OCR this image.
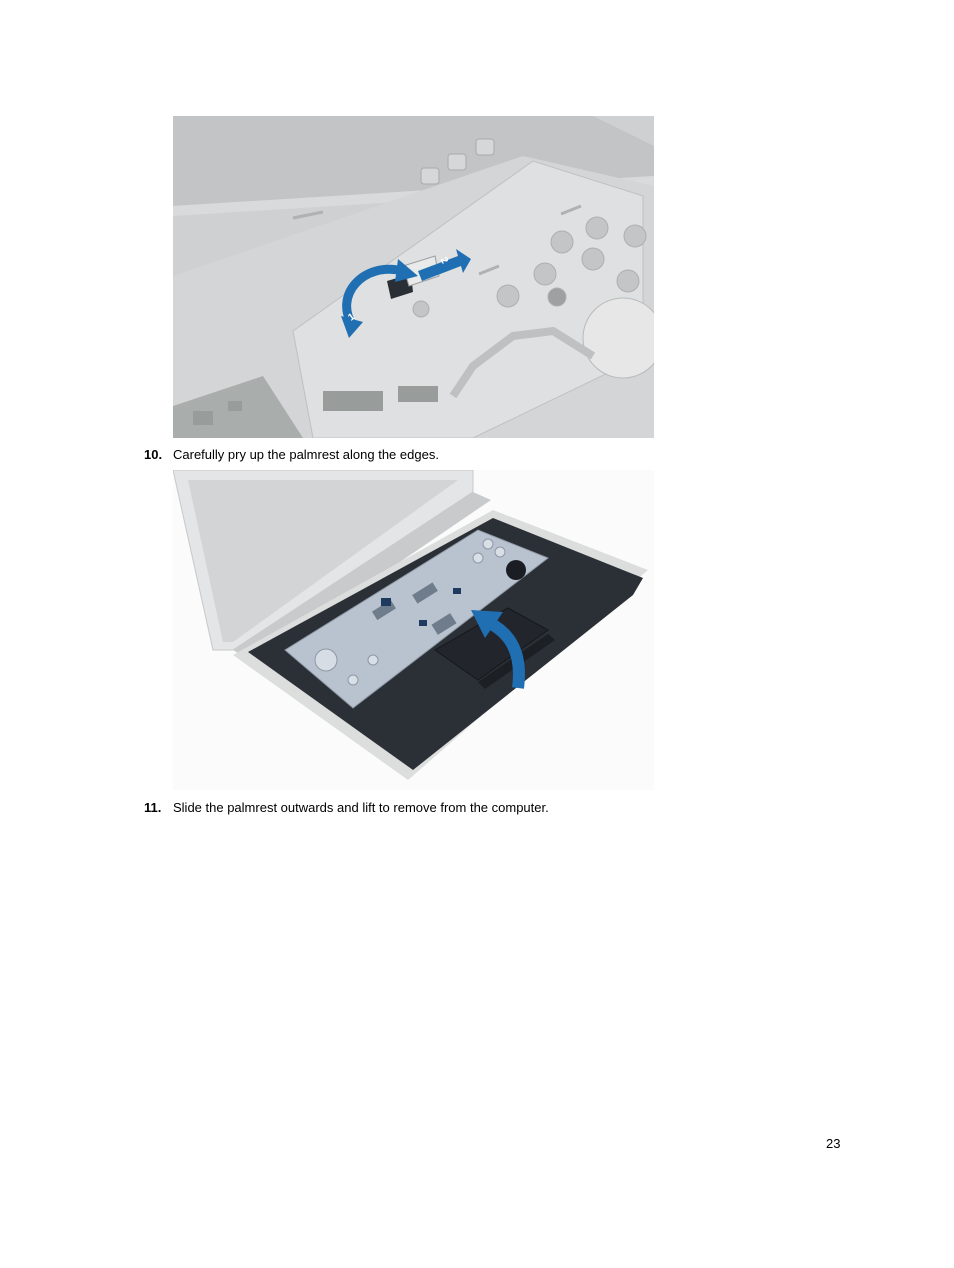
1
2
10. Carefully pry up the palmrest along the edges.
11. Slide the palmrest outwards and lift to remove from the computer.
23
